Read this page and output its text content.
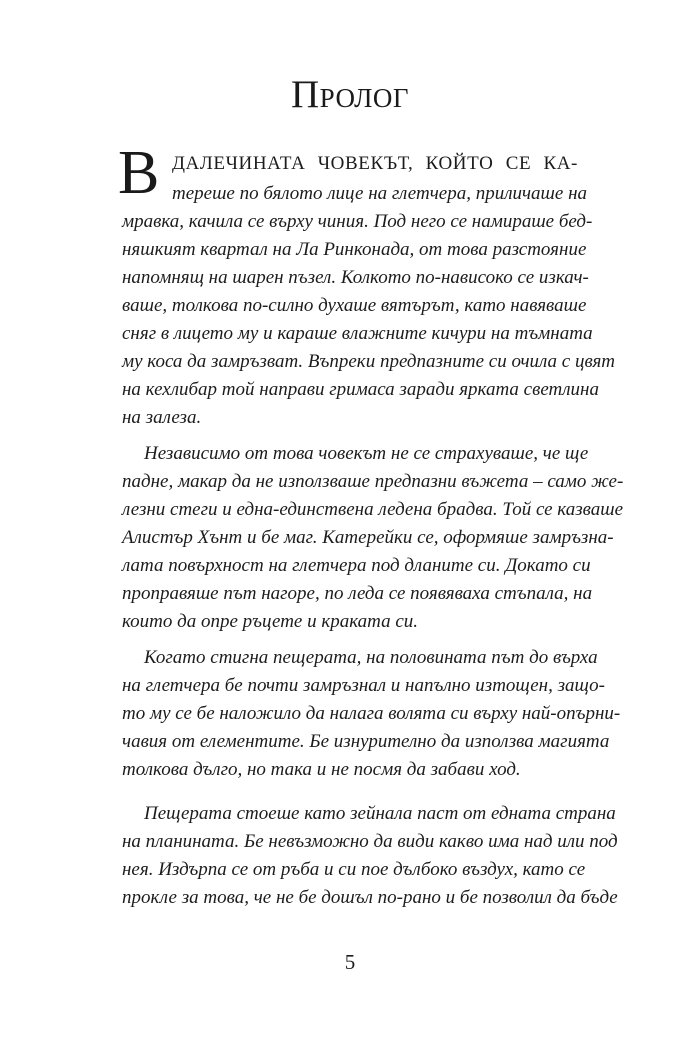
Пролог
В ДАЛЕЧИНАТА ЧОВЕКЪТ, КОЙТО СЕ КА-
тереше по бялото лице на глетчера, приличаше на
мравка, качила се върху чиния. Под него се намираше бед-
няшкият квартал на Ла Ринконада, от това разстояние
напомнящ на шарен пъзел. Колкото по-нависоко се изкач-
ваше, толкова по-силно духаше вятърът, като навяваше
сняг в лицето му и караше влажните кичури на тъмната
му коса да замръзват. Въпреки предпазните си очила с цвят
на кехлибар той направи гримаса заради ярката светлина
на залеза.
Независимо от това човекът не се страхуваше, че ще
падне, макар да не използваше предпазни въжета – само же-
лезни стеги и една-единствена ледена брадва. Той се казваше
Алистър Хънт и бе маг. Катерейки се, оформяше замръзна-
лата повърхност на глетчера под дланите си. Докато си
проправяше път нагоре, по леда се появяваха стъпала, на
които да опре ръцете и краката си.
Когато стигна пещерата, на половината път до върха
на глетчера бе почти замръзнал и напълно изтощен, защо-
то му се бе наложило да налага волята си върху най-опърни-
чавия от елементите. Бе изнурително да използва магията
толкова дълго, но така и не посмя да забави ход.
5
Пещерата стоеше като зейнала паст от едната страна
на планината. Бе невъзможно да види какво има над или под
нея. Издърпа се от ръба и си пое дълбоко въздух, като се
прокле за това, че не бе дошъл по-рано и бе позволил да бъде
